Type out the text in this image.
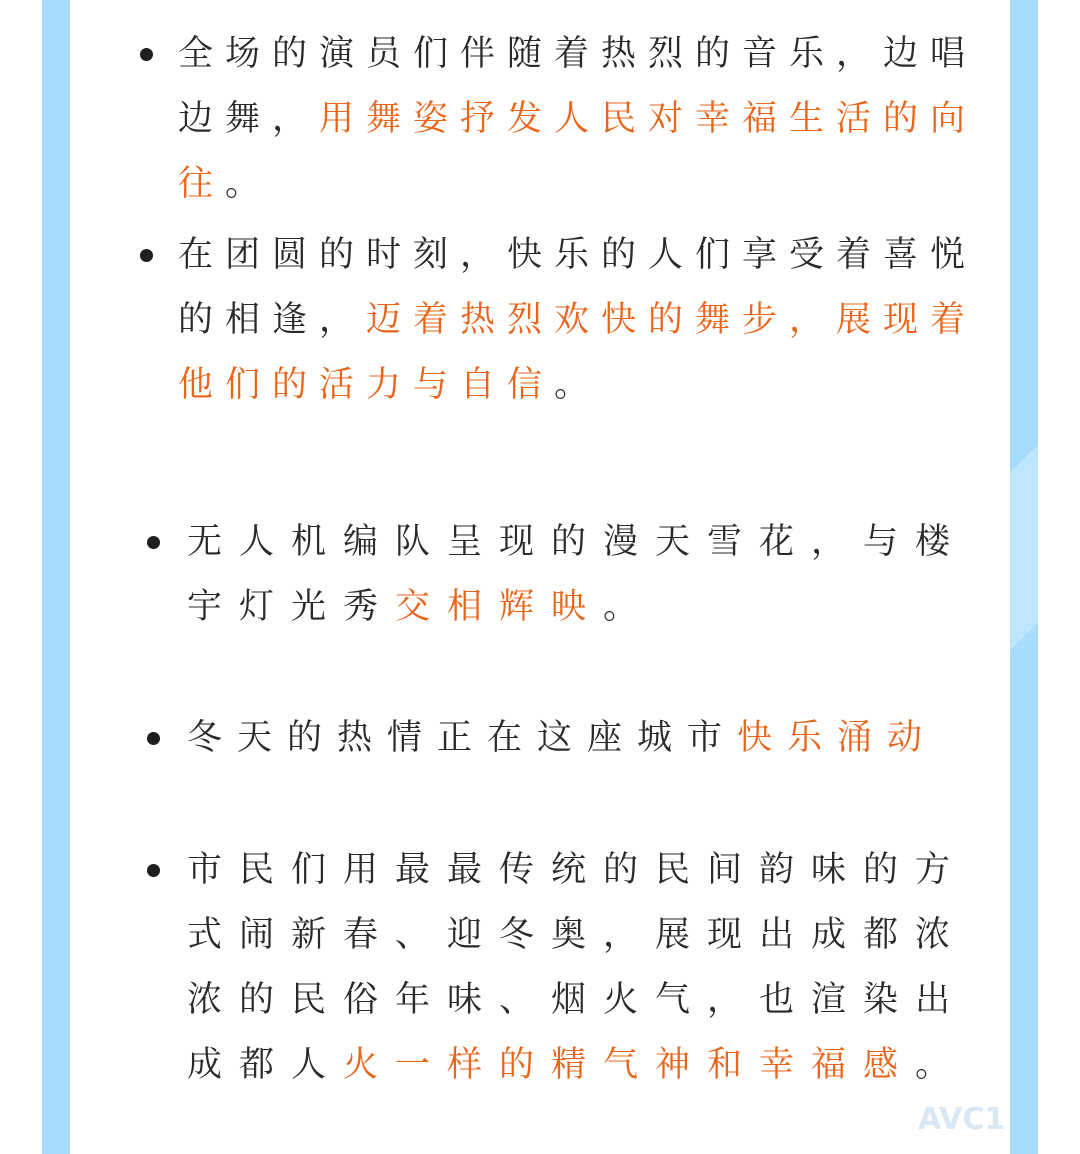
全场的演员们伴随着热烈的音乐，边唱边舞，用舞姿抒发人民对幸福生活的向往。
在团圆的时刻，快乐的人们享受着喜悦的相逢，迈着热烈欢快的舞步，展现着他们的活力与自信。
无人机编队呈现的漫天雪花，与楼宇灯光秀交相辉映。
冬天的热情正在这座城市快乐涌动
市民们用最最传统的民间韵味的方式闹新春、迎冬奥，展现出成都浓浓的民俗年味、烟火气，也渲染出成都人火一样的精气神和幸福感。
AVC1
